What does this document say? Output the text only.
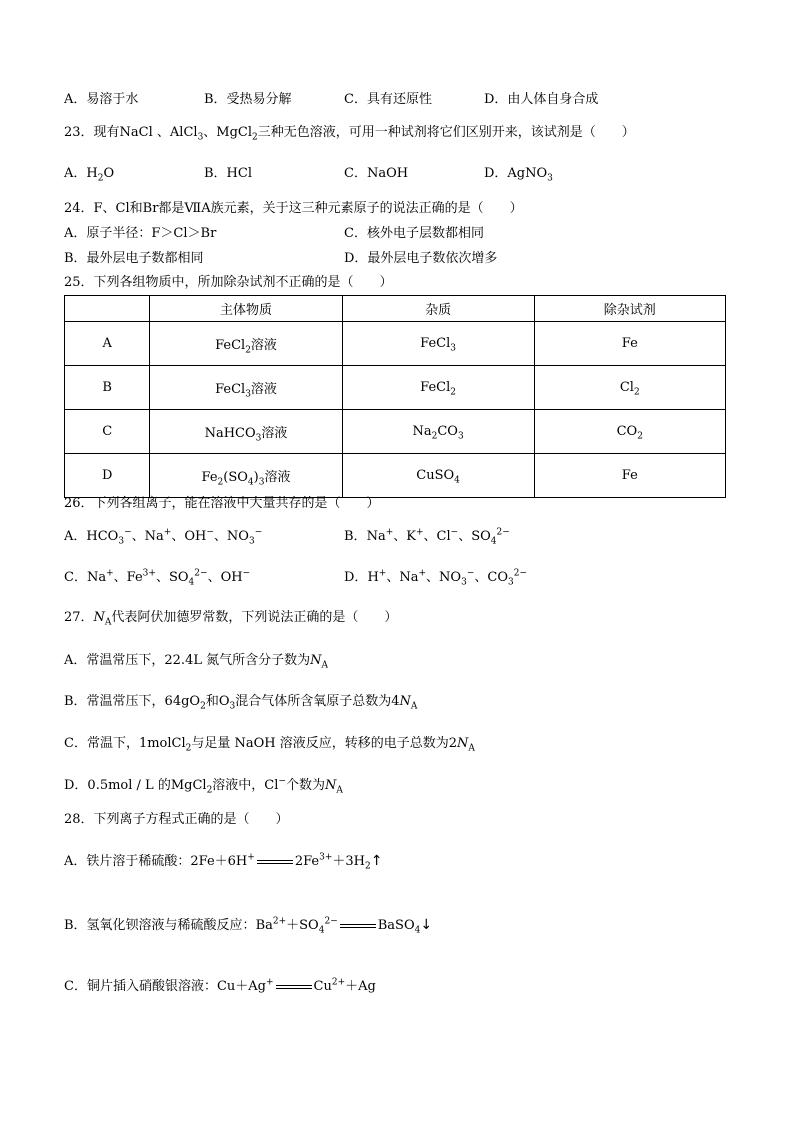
A．易溶于水	B．受热易分解	C．具有还原性	D．由人体自身合成
23．现有NaCl 、AlCl$_3$、MgCl$_2$三种无色溶液，可用一种试剂将它们区别开来，该试剂是（　　）
A．$H_2O$	B．HCl	C．NaOH	D．AgNO$_3$
24．F、Cl和Br都是ⅦA族元素，关于这三种元素原子的说法正确的是（　　）
A．原子半径：F＞Cl＞Br	C．核外电子层数都相同
B．最外层电子数都相同	D．最外层电子数依次增多
25．下列各组物质中，所加除杂试剂不正确的是（　　）
	主体物质	杂质	除杂试剂
A	FeCl$_2$溶液	FeCl$_3$	Fe
B	FeCl$_3$溶液	FeCl$_2$	$Cl_2$
C	NaHCO$_3$溶液	$Na_2CO_3$	$CO_2$
D	$Fe_2(SO_4)_3$溶液	CuSO$_4$	Fe
26．下列各组离子，能在溶液中大量共存的是（　　）
A．$HCO_3^-$、Na+、OH−、$NO_3^-$	B．Na+、K+、Cl−、$SO_4^{2-}$
C．Na+、$Fe^{3+}$、$SO_4^{2-}$、OH−	D．H+、Na+、$NO_3^-$、$CO_3^{2-}$
27．$N_A$代表阿伏加德罗常数，下列说法正确的是（　　）
A．常温常压下，22.4L 氮气所含分子数为$N_A$
B．常温常压下，$64gO_2$和$O_3$混合气体所含氧原子总数为$4N_A$
C．常温下，1molCl$_2$与足量 NaOH 溶液反应，转移的电子总数为$2N_A$
D．0.5mol / L 的MgCl$_2$溶液中，Cl−个数为$N_A$
28．下列离子方程式正确的是（　　）
A．铁片溶于稀硫酸：2Fe＋6H+	$2Fe^{3+}+3H_2↑$
B．氢氧化钡溶液与稀硫酸反应：$Ba^{2+}+SO_4^{2-}$	BaSO$_4$↓
C．铜片插入硝酸银溶液：Cu＋Ag+	$Cu^{2+}+Ag$
